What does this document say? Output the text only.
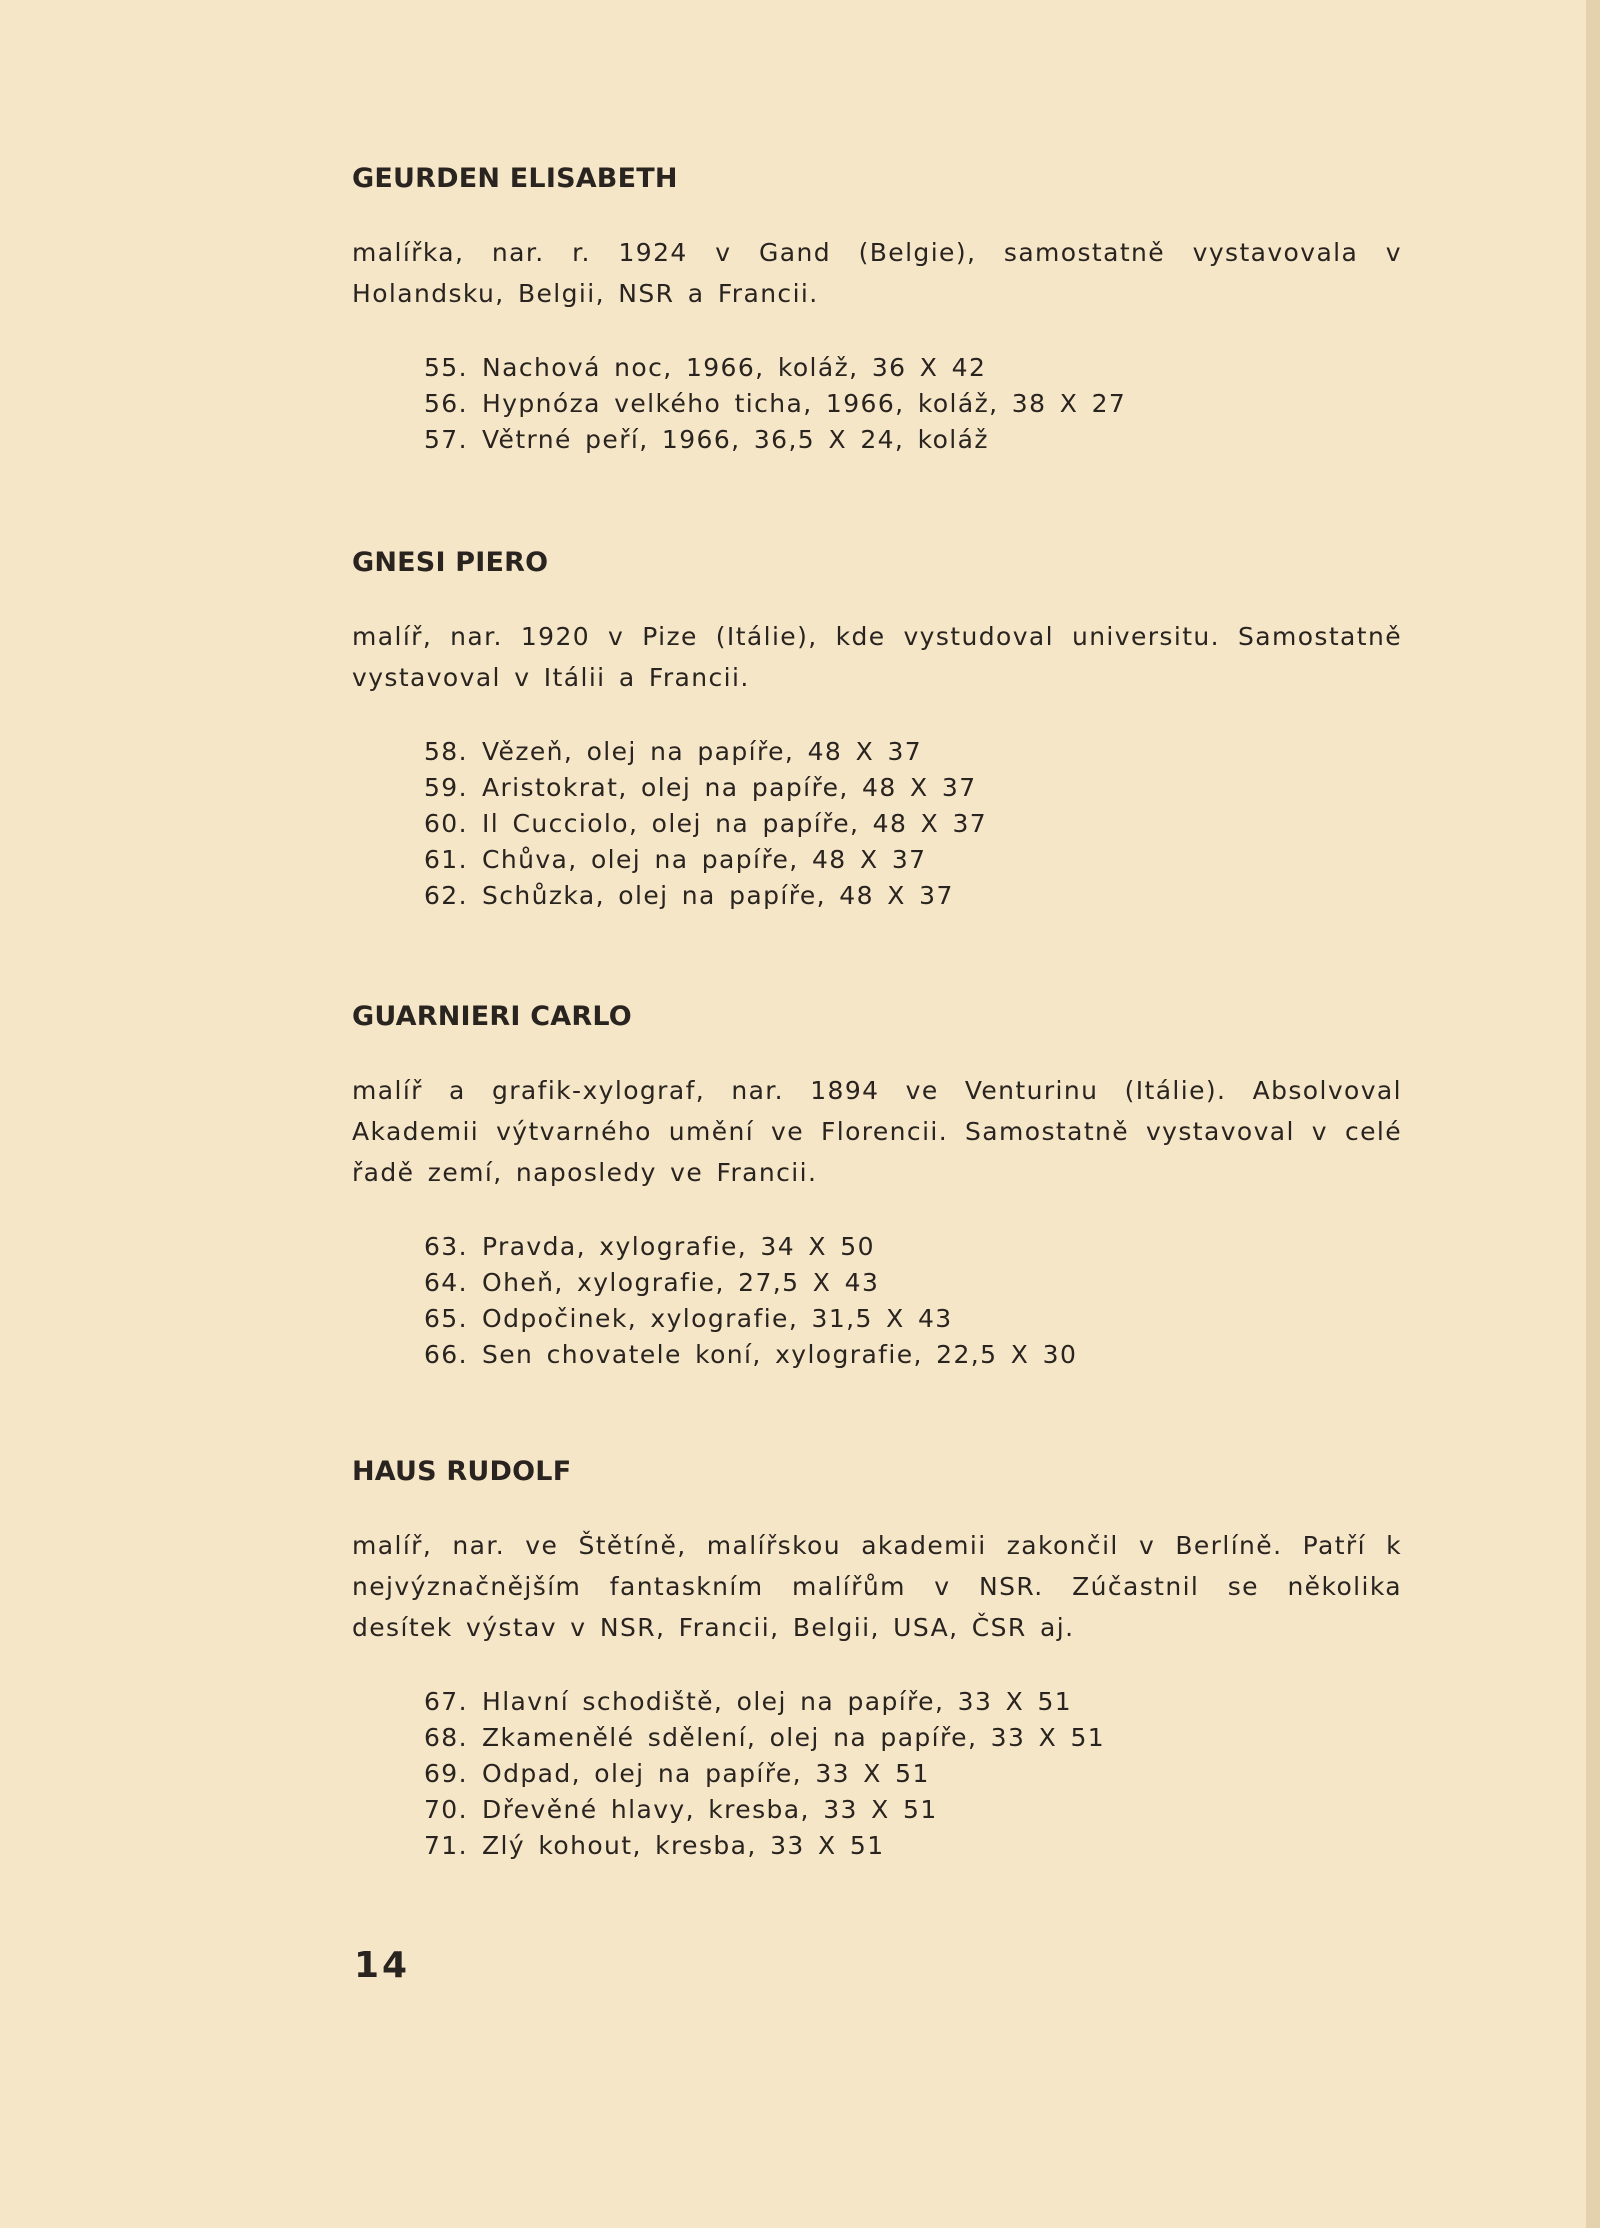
GEURDEN ELISABETH

malířka, nar. r. 1924 v Gand (Belgie), samostatně vystavovala v Holandsku, Belgii, NSR a Francii.

55. Nachová noc, 1966, koláž, 36 X 42
56. Hypnóza velkého ticha, 1966, koláž, 38 X 27
57. Větrné peří, 1966, 36,5 X 24, koláž
GNESI PIERO

malíř, nar. 1920 v Pize (Itálie), kde vystudoval universitu. Samostatně vystavoval v Itálii a Francii.

58. Vězeň, olej na papíře, 48 X 37
59. Aristokrat, olej na papíře, 48 X 37
60. Il Cucciolo, olej na papíře, 48 X 37
61. Chůva, olej na papíře, 48 X 37
62. Schůzka, olej na papíře, 48 X 37
GUARNIERI CARLO

malíř a grafik-xylograf, nar. 1894 ve Venturinu (Itálie). Absolvoval Akademii výtvarného umění ve Florencii. Samostatně vystavoval v celé řadě zemí, naposledy ve Francii.

63. Pravda, xylografie, 34 X 50
64. Oheň, xylografie, 27,5 X 43
65. Odpočinek, xylografie, 31,5 X 43
66. Sen chovatele koní, xylografie, 22,5 X 30
HAUS RUDOLF

malíř, nar. ve Štětíně, malířskou akademii zakončil v Berlíně. Patří k nejvýznačnějším fantaskním malířům v NSR. Zúčastnil se několika desítek výstav v NSR, Francii, Belgii, USA, ČSR aj.

67. Hlavní schodiště, olej na papíře, 33 X 51
68. Zkamenělé sdělení, olej na papíře, 33 X 51
69. Odpad, olej na papíře, 33 X 51
70. Dřevěné hlavy, kresba, 33 X 51
71. Zlý kohout, kresba, 33 X 51
14
